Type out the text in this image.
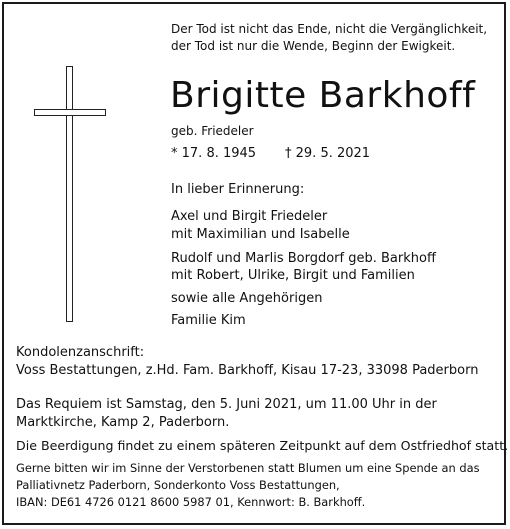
Der Tod ist nicht das Ende, nicht die Vergänglichkeit,
der Tod ist nur die Wende, Beginn der Ewigkeit.
Brigitte Barkhoff
geb. Friedeler
* 17. 8. 1945 † 29. 5. 2021
In lieber Erinnerung:
Axel und Birgit Friedeler
mit Maximilian und Isabelle
Rudolf und Marlis Borgdorf geb. Barkhoff
mit Robert, Ulrike, Birgit und Familien
sowie alle Angehörigen
Familie Kim
Kondolenzanschrift:
Voss Bestattungen, z.Hd. Fam. Barkhoff, Kisau 17-23, 33098 Paderborn
Das Requiem ist Samstag, den 5. Juni 2021, um 11.00 Uhr in der
Marktkirche, Kamp 2, Paderborn.
Die Beerdigung findet zu einem späteren Zeitpunkt auf dem Ostfriedhof statt.
Gerne bitten wir im Sinne der Verstorbenen statt Blumen um eine Spende an das
Palliativnetz Paderborn, Sonderkonto Voss Bestattungen,
IBAN: DE61 4726 0121 8600 5987 01, Kennwort: B. Barkhoff.
